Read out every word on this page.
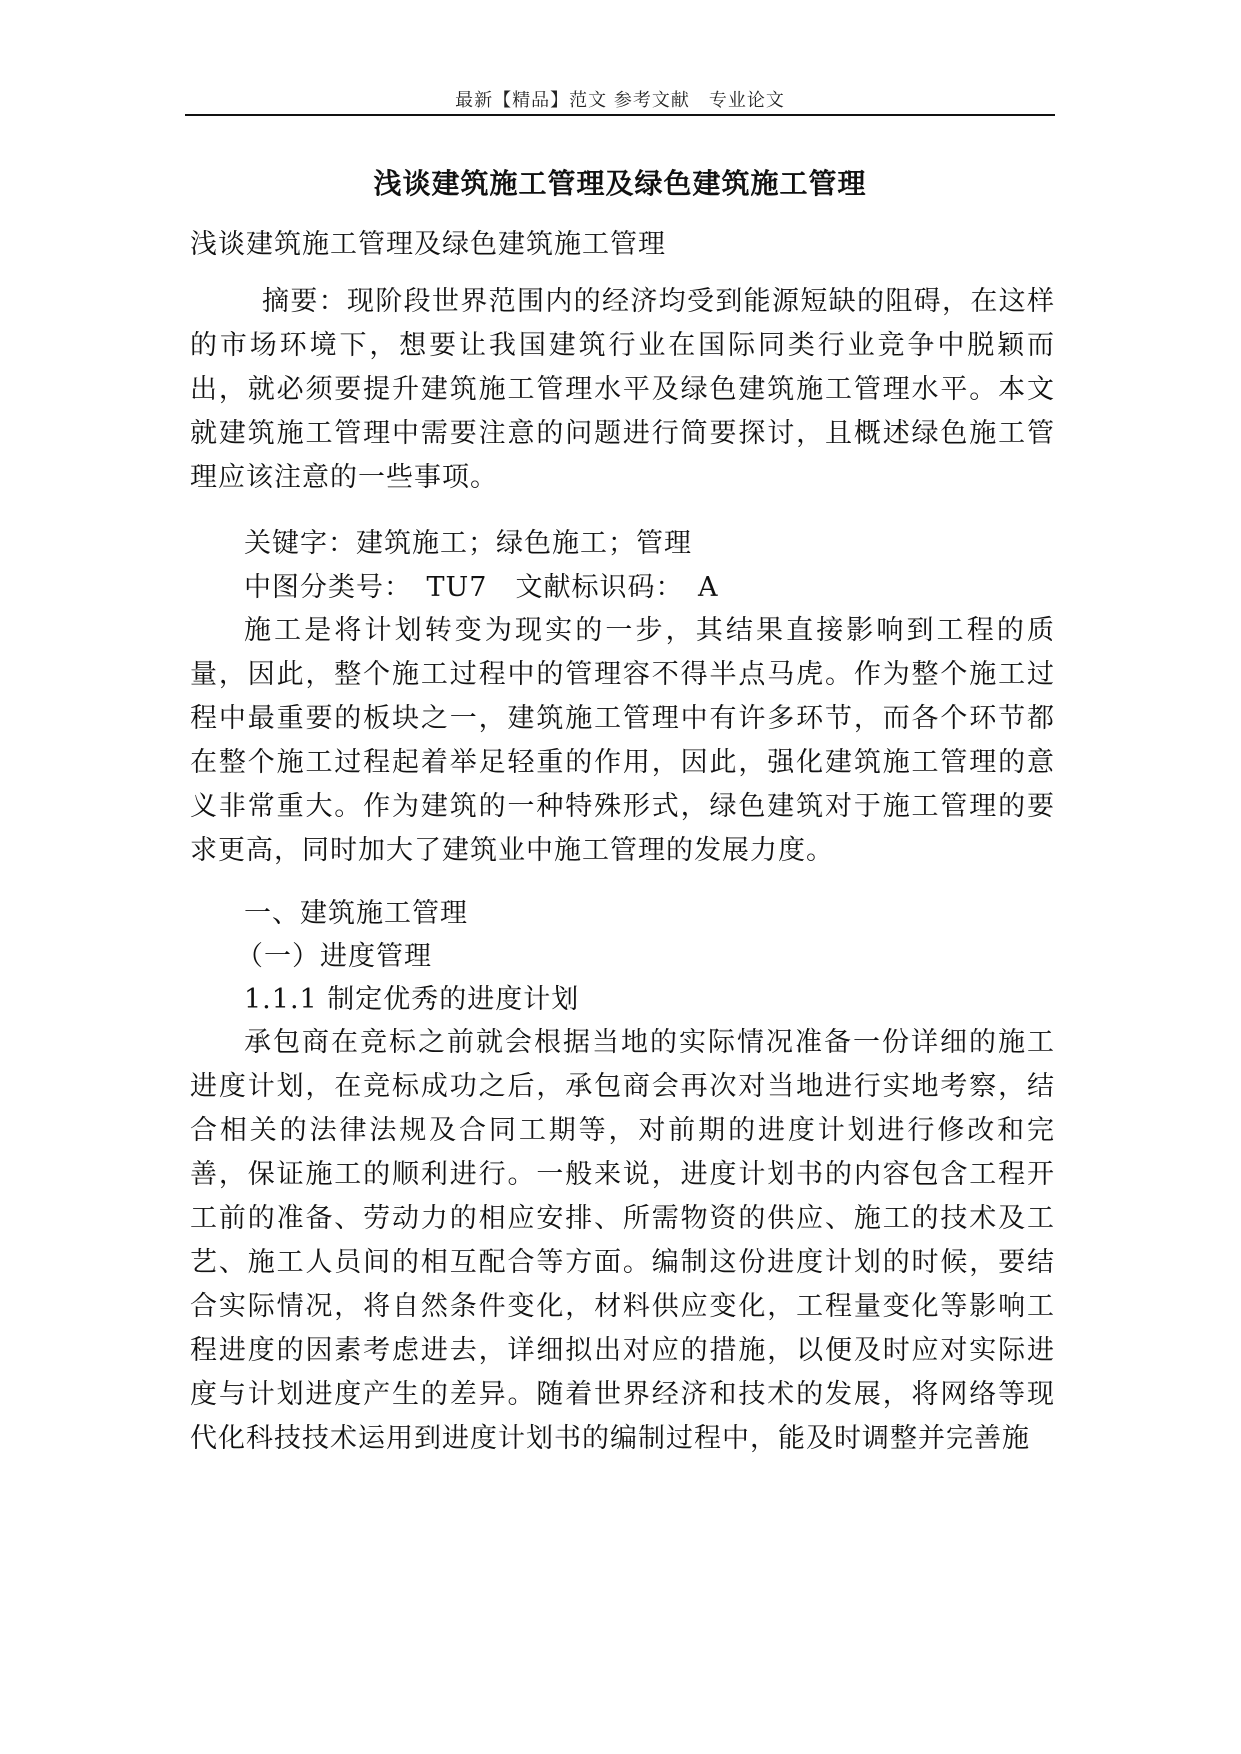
最新【精品】范文 参考文献　专业论文
浅谈建筑施工管理及绿色建筑施工管理
浅谈建筑施工管理及绿色建筑施工管理
摘要：现阶段世界范围内的经济均受到能源短缺的阻碍，在这样的市场环境下，想要让我国建筑行业在国际同类行业竞争中脱颖而出，就必须要提升建筑施工管理水平及绿色建筑施工管理水平。本文就建筑施工管理中需要注意的问题进行简要探讨，且概述绿色施工管理应该注意的一些事项。
关键字：建筑施工；绿色施工；管理
中图分类号：　TU7　文献标识码：　A
施工是将计划转变为现实的一步，其结果直接影响到工程的质量，因此，整个施工过程中的管理容不得半点马虎。作为整个施工过程中最重要的板块之一，建筑施工管理中有许多环节，而各个环节都在整个施工过程起着举足轻重的作用，因此，强化建筑施工管理的意义非常重大。作为建筑的一种特殊形式，绿色建筑对于施工管理的要求更高，同时加大了建筑业中施工管理的发展力度。
一、建筑施工管理
（一）进度管理
1.1.1 制定优秀的进度计划
承包商在竞标之前就会根据当地的实际情况准备一份详细的施工进度计划，在竞标成功之后，承包商会再次对当地进行实地考察，结合相关的法律法规及合同工期等，对前期的进度计划进行修改和完善，保证施工的顺利进行。一般来说，进度计划书的内容包含工程开工前的准备、劳动力的相应安排、所需物资的供应、施工的技术及工艺、施工人员间的相互配合等方面。编制这份进度计划的时候，要结合实际情况，将自然条件变化，材料供应变化，工程量变化等影响工程进度的因素考虑进去，详细拟出对应的措施，以便及时应对实际进度与计划进度产生的差异。随着世界经济和技术的发展，将网络等现代化科技技术运用到进度计划书的编制过程中，能及时调整并完善施
